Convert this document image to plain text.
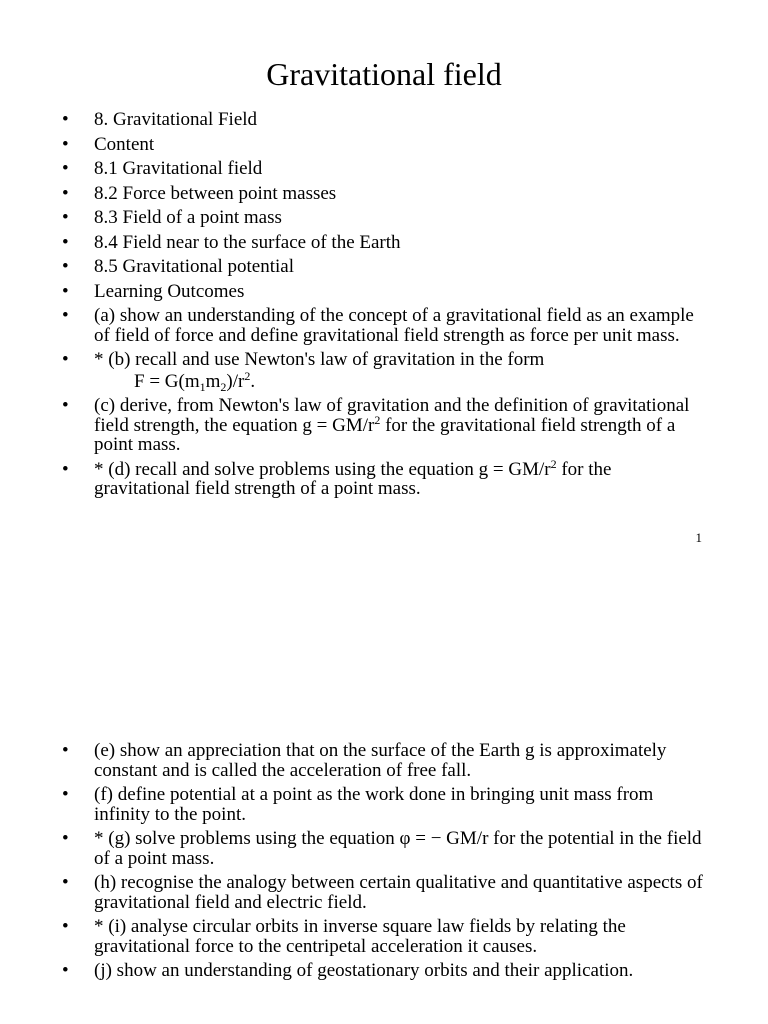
Gravitational field
•	8. Gravitational Field
•	Content
•	8.1 Gravitational field
•	8.2 Force between point masses
•	8.3 Field of a point mass
•	8.4 Field near to the surface of the Earth
•	8.5 Gravitational potential
•	Learning Outcomes
•	(a) show an understanding of the concept of a gravitational field as an example of field of force and define gravitational field strength as force per unit mass.
•	* (b) recall and use Newton's law of gravitation in the form
$F = G(m_1m_2)/r^2$.
•	(c) derive, from Newton's law of gravitation and the definition of gravitational field strength, the equation $g = GM/r^2$ for the gravitational field strength of a point mass.
•	* (d) recall and solve problems using the equation $g = GM/r^2$ for the gravitational field strength of a point mass.
1
•	(e) show an appreciation that on the surface of the Earth g is approximately constant and is called the acceleration of free fall.
•	(f) define potential at a point as the work done in bringing unit mass from infinity to the point.
•	* (g) solve problems using the equation φ = − GM/r for the potential in the field of a point mass.
•	(h) recognise the analogy between certain qualitative and quantitative aspects of gravitational field and electric field.
•	* (i) analyse circular orbits in inverse square law fields by relating the gravitational force to the centripetal acceleration it causes.
•	(j) show an understanding of geostationary orbits and their application.
